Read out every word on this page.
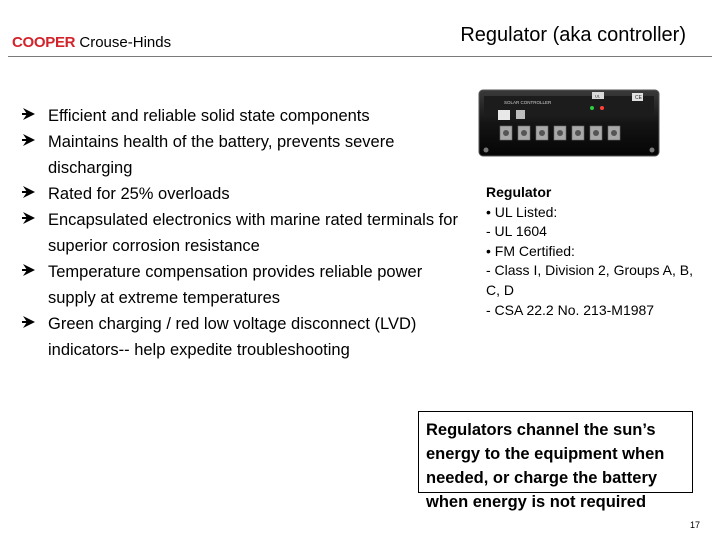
COOPER Crouse-Hinds	Regulator (aka controller)
Efficient and reliable solid state components
Maintains health of the battery, prevents severe discharging
Rated for 25% overloads
Encapsulated electronics with marine rated terminals for superior corrosion resistance
Temperature compensation provides reliable power supply at extreme temperatures
Green charging / red low voltage disconnect (LVD) indicators-- help expedite troubleshooting
SOLAR CONTROLLER
UL	CE
Regulator
• UL Listed:
- UL 1604
• FM Certified:
- Class I, Division 2, Groups A, B, C, D
- CSA 22.2 No. 213-M1987
Regulators channel the sun’s energy to the equipment when needed, or charge the battery when energy is not required
17
